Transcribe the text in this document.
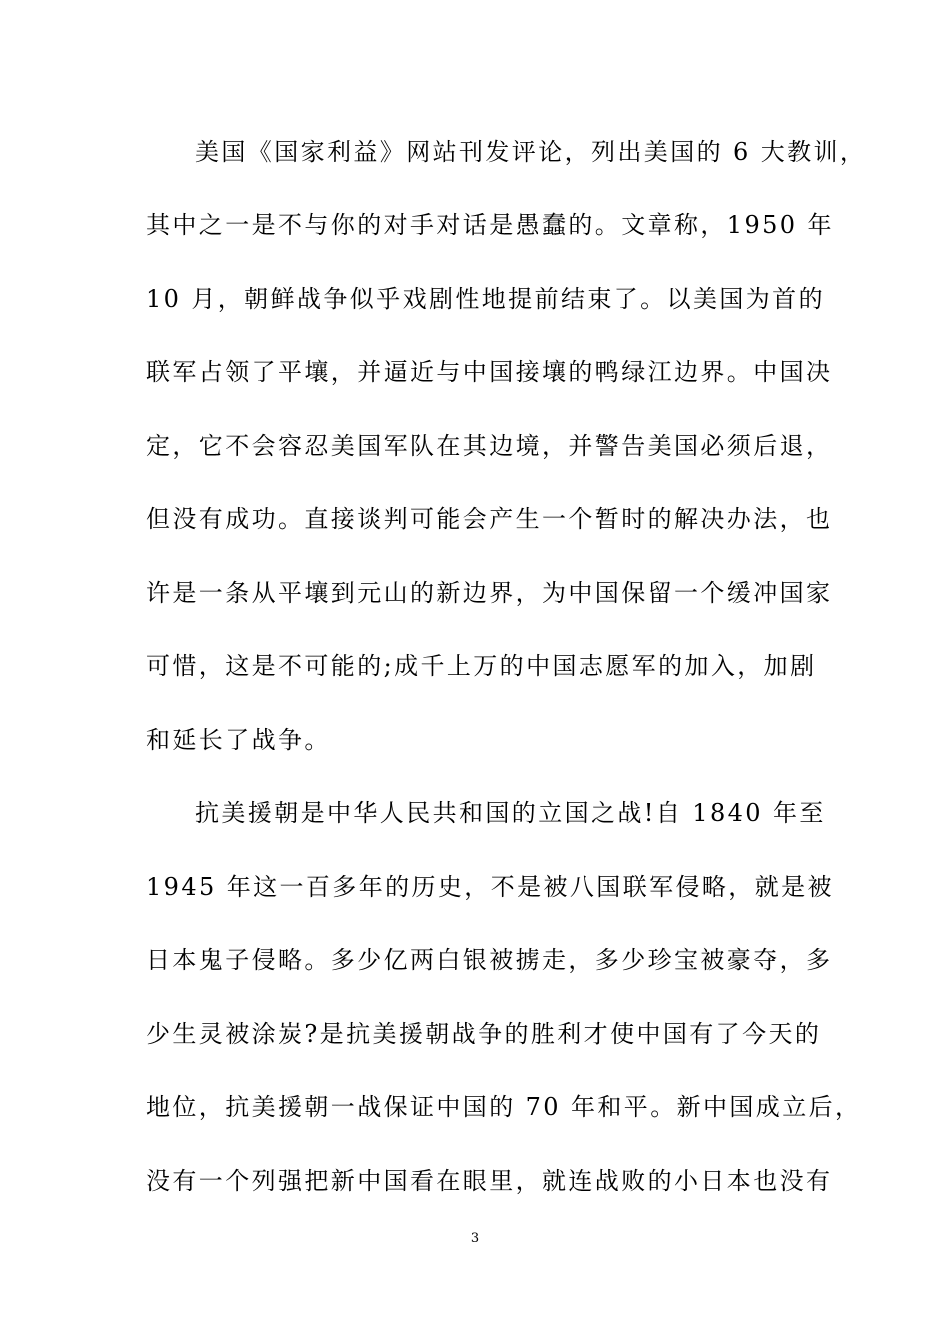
美国《国家利益》网站刊发评论，列出美国的 6 大教训，
其中之一是不与你的对手对话是愚蠢的。文章称，1950 年
10 月，朝鲜战争似乎戏剧性地提前结束了。以美国为首的
联军占领了平壤，并逼近与中国接壤的鸭绿江边界。中国决
定，它不会容忍美国军队在其边境，并警告美国必须后退，
但没有成功。直接谈判可能会产生一个暂时的解决办法，也
许是一条从平壤到元山的新边界，为中国保留一个缓冲国家
可惜，这是不可能的;成千上万的中国志愿军的加入，加剧
和延长了战争。
抗美援朝是中华人民共和国的立国之战!自 1840 年至
1945 年这一百多年的历史，不是被八国联军侵略，就是被
日本鬼子侵略。多少亿两白银被掳走，多少珍宝被豪夺，多
少生灵被涂炭?是抗美援朝战争的胜利才使中国有了今天的
地位，抗美援朝一战保证中国的 70 年和平。新中国成立后，
没有一个列强把新中国看在眼里，就连战败的小日本也没有
3
